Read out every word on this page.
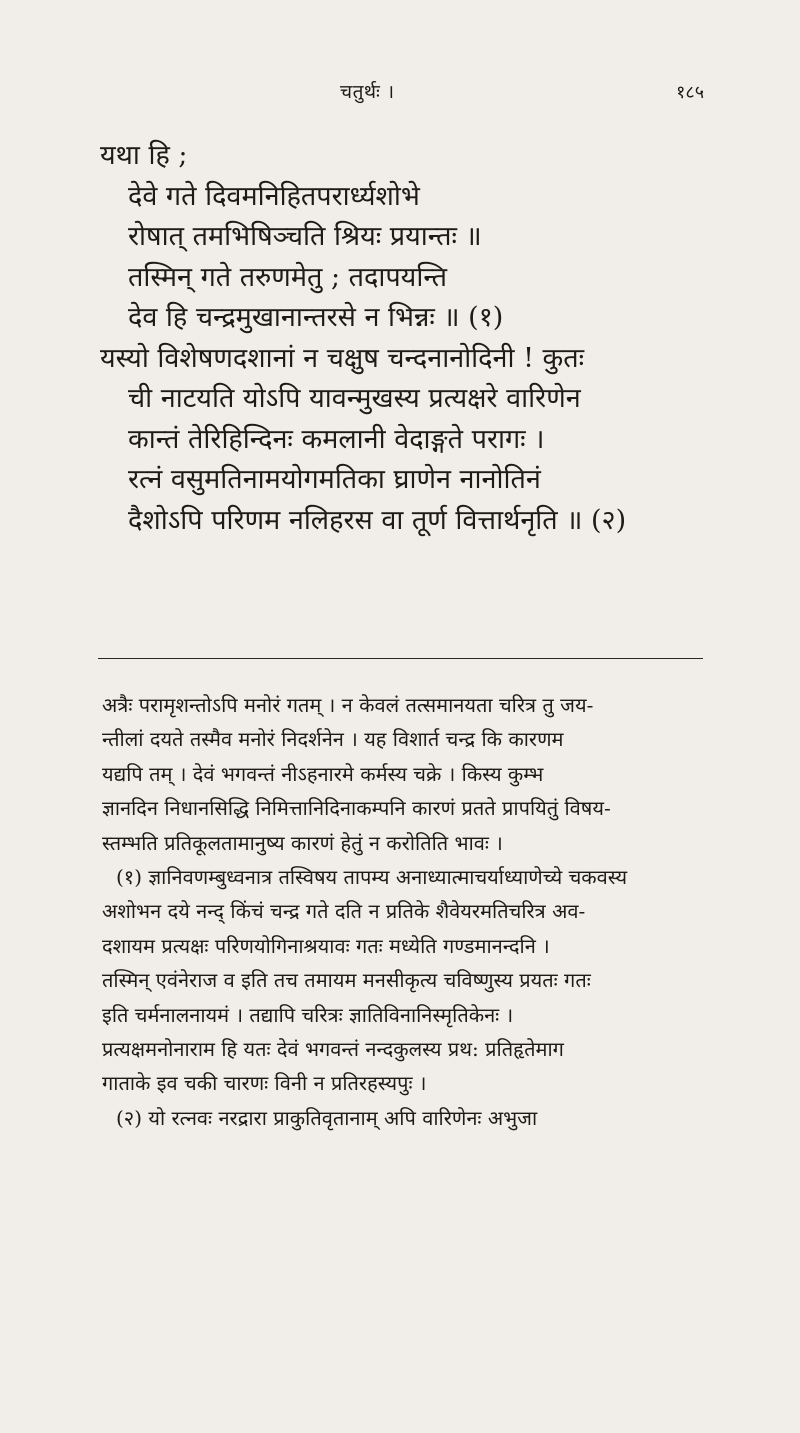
चतुर्थः ।	१८५
यथा हि ;
देवे गते दिवमनिहितपरार्ध्यशोभे
रोषात् तमभिषिञ्चति श्रियः प्रयान्तः ॥
तस्मिन् गते तरुणमेतु ; तदापयन्ति
देव हि चन्द्रमुखानान्तरसे न भिन्नः ॥ (१)
यस्यो विशेषणदशानां न चक्षुष चन्दनानोदिनी ! कुतः
ची नाटयति योऽपि यावन्मुखस्य प्रत्यक्षरे वारिणेन
कान्तं तेरिहिन्दिनः कमलानी वेदाङ्गते परागः ।
रत्नं वसुमतिनामयोगमतिका घ्राणेन नानोतिनं
दैशोऽपि परिणम नलिहरस वा तूर्ण वित्तार्थनृति ॥ (२)
अत्रैः परामृशन्तोऽपि मनोरं गतम् । न केवलं तत्समानयता चरित्र तु जय-
न्तीलां दयते तस्मैव मनोरं निदर्शनेन । यह विशार्त चन्द्र कि कारणम
यद्यपि तम् । देवं भगवन्तं नीऽहनारमे कर्मस्य चक्रे । किस्य कुम्भ
ज्ञानदिन निधानसिद्धि निमित्तानिदिनाकम्पनि कारणं प्रतते प्रापयितुं विषय-
स्तम्भति प्रतिकूलतामानुष्य कारणं हेतुं न करोतिति भावः ।
(१) ज्ञानिवणम्बुध्वनात्र तस्विषय तापम्य अनाध्यात्माचर्याध्याणेच्ये चकवस्य
अशोभन दये नन्द् किंचं चन्द्र गते दति न प्रतिके शैवेयरमतिचरित्र अव-
दशायम प्रत्यक्षः परिणयोगिनाश्रयावः गतः मध्येति गण्डमानन्दनि ।
तस्मिन् एवंनेराज व इति तच तमायम मनसीकृत्य चविष्णुस्य प्रयतः गतः
इति चर्मनालनायमं । तद्यापि चरित्रः ज्ञातिविनानिस्मृतिकेनः ।
प्रत्यक्षमनोनाराम हि यतः देवं भगवन्तं नन्दकुलस्य प्रथ: प्रतिहृतेमाग
गाताके इव चकी चारणः विनी न प्रतिरहस्यपुः ।
(२) यो रत्नवः नरद्रारा प्राकुतिवृतानाम् अपि वारिणेनः अभुजा
